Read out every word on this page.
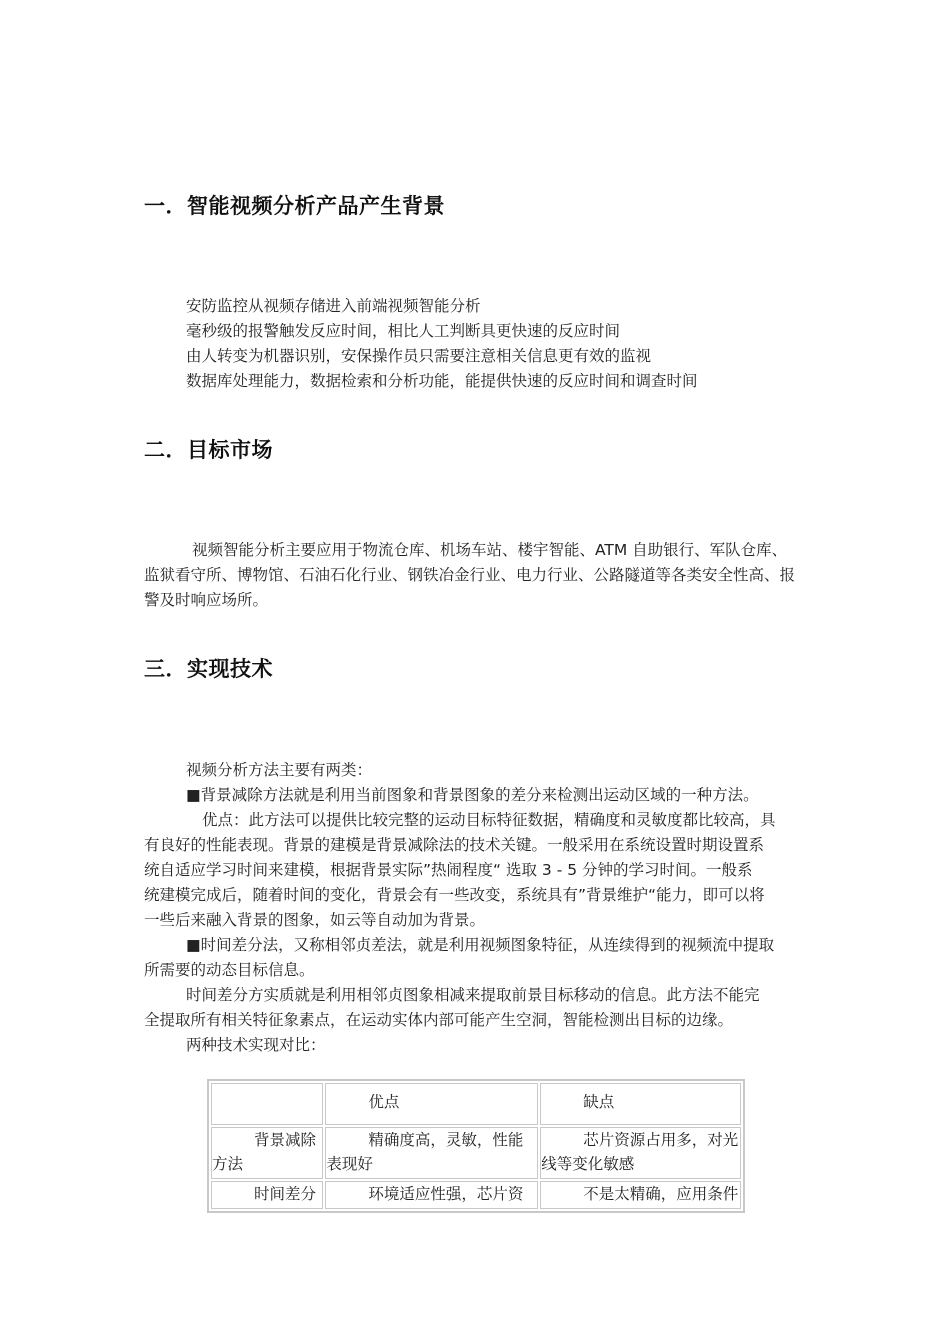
一．智能视频分析产品产生背景
安防监控从视频存储进入前端视频智能分析
毫秒级的报警触发反应时间，相比人工判断具更快速的反应时间
由人转变为机器识别，安保操作员只需要注意相关信息更有效的监视
数据库处理能力，数据检索和分析功能，能提供快速的反应时间和调查时间
二．目标市场
视频智能分析主要应用于物流仓库、机场车站、楼宇智能、ATM 自助银行、军队仓库、
监狱看守所、博物馆、石油石化行业、钢铁冶金行业、电力行业、公路隧道等各类安全性高、报
警及时响应场所。
三．实现技术
视频分析方法主要有两类：
■背景减除方法就是利用当前图象和背景图象的差分来检测出运动区域的一种方法。
优点：此方法可以提供比较完整的运动目标特征数据，精确度和灵敏度都比较高，具
有良好的性能表现。背景的建模是背景减除法的技术关键。一般采用在系统设置时期设置系
统自适应学习时间来建模，根据背景实际”热闹程度“ 选取 3 - 5 分钟的学习时间。一般系
统建模完成后，随着时间的变化，背景会有一些改变，系统具有”背景维护“能力，即可以将
一些后来融入背景的图象，如云等自动加为背景。
■时间差分法，又称相邻贞差法，就是利用视频图象特征，从连续得到的视频流中提取
所需要的动态目标信息。
时间差分方实质就是利用相邻贞图象相减来提取前景目标移动的信息。此方法不能完
全提取所有相关特征象素点，在运动实体内部可能产生空洞，智能检测出目标的边缘。
两种技术实现对比：

	优点	缺点

背景减除方法	精确度高，灵敏，性能表现好	芯片资源占用多，对光线等变化敏感

时间差分	环境适应性强，芯片资	不是太精确，应用条件
